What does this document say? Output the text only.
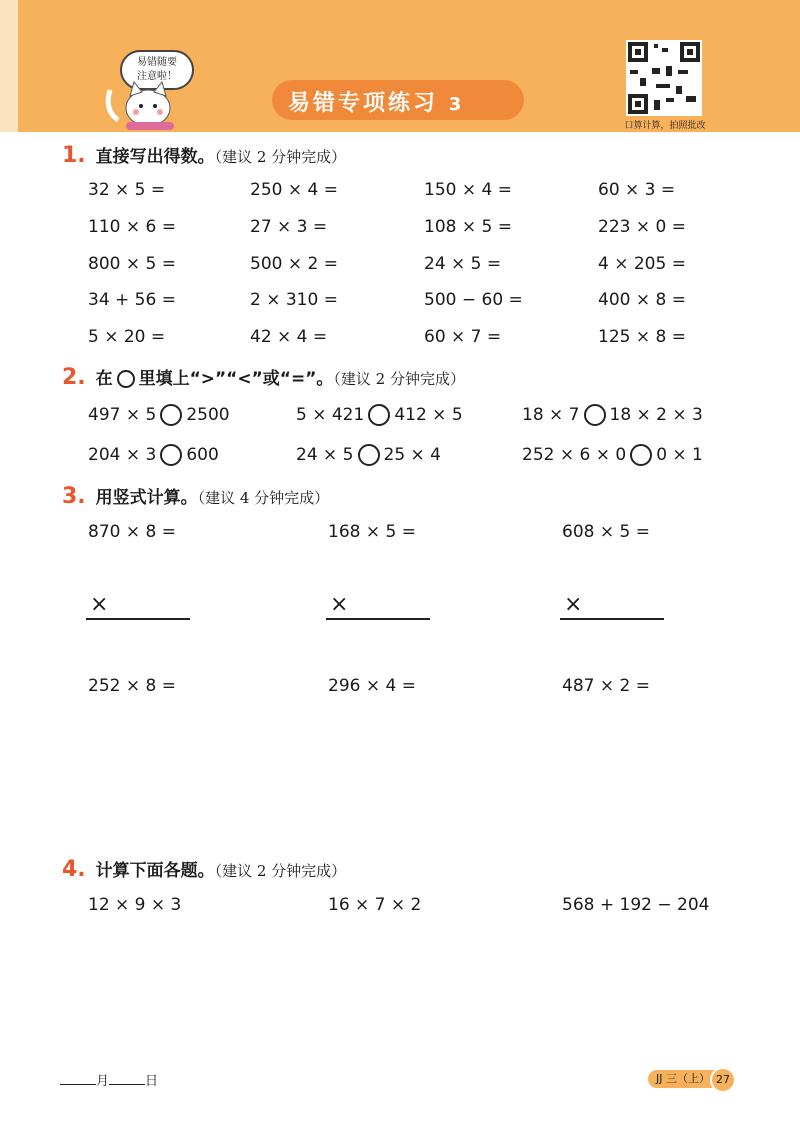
易错随要
注意啦！
易错专项练习 3
口算计算，拍照批改
1. 直接写出得数。（建议 2 分钟完成）
32 × 5 =	250 × 4 =	150 × 4 =	60 × 3 =
110 × 6 =	27 × 3 =	108 × 5 =	223 × 0 =
800 × 5 =	500 × 2 =	24 × 5 =	4 × 205 =
34 + 56 =	2 × 310 =	500 − 60 =	400 × 8 =
5 × 20 =	42 × 4 =	60 × 7 =	125 × 8 =
2. 在 里填上“>”“<”或“=”。（建议 2 分钟完成）
497 × 5 2500	5 × 421 412 × 5	18 × 7 18 × 2 × 3
204 × 3 600	24 × 5 25 × 4	252 × 6 × 0 0 × 1
3. 用竖式计算。（建议 4 分钟完成）
870 × 8 =	168 × 5 =	608 × 5 =
252 × 8 =	296 × 4 =	487 × 2 =
×	×	×
4. 计算下面各题。（建议 2 分钟完成）
12 × 9 × 3	16 × 7 × 2	568 + 192 − 204
月	日	JJ 三（上） 27
